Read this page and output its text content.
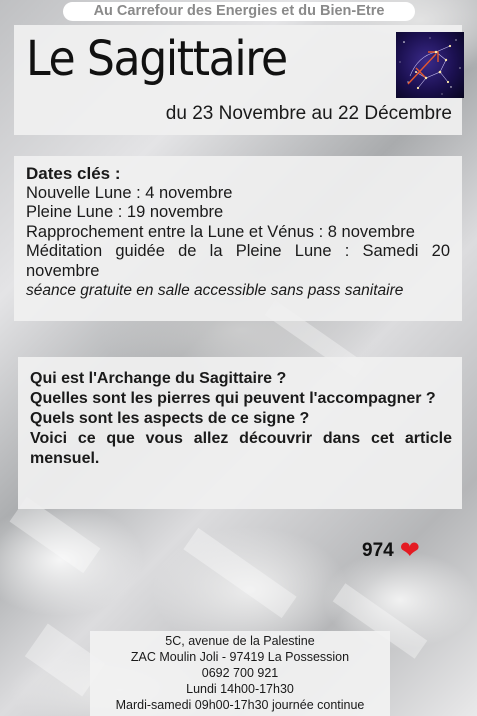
Au Carrefour des Energies et du Bien-Etre
Le Sagittaire
du 23 Novembre au 22 Décembre
Dates clés :
Nouvelle Lune : 4 novembre
Pleine Lune : 19 novembre
Rapprochement entre la Lune et Vénus : 8 novembre
Méditation guidée de la Pleine Lune : Samedi 20 novembre
séance gratuite en salle accessible sans pass sanitaire
Qui est l'Archange du Sagittaire ?
Quelles sont les pierres qui peuvent l'accompagner ?
Quels sont les aspects de ce signe ?
Voici ce que vous allez découvrir dans cet article mensuel.
974 ❤
5C, avenue de la Palestine
ZAC Moulin Joli - 97419 La Possession
0692 700 921
Lundi 14h00-17h30
Mardi-samedi 09h00-17h30 journée continue
